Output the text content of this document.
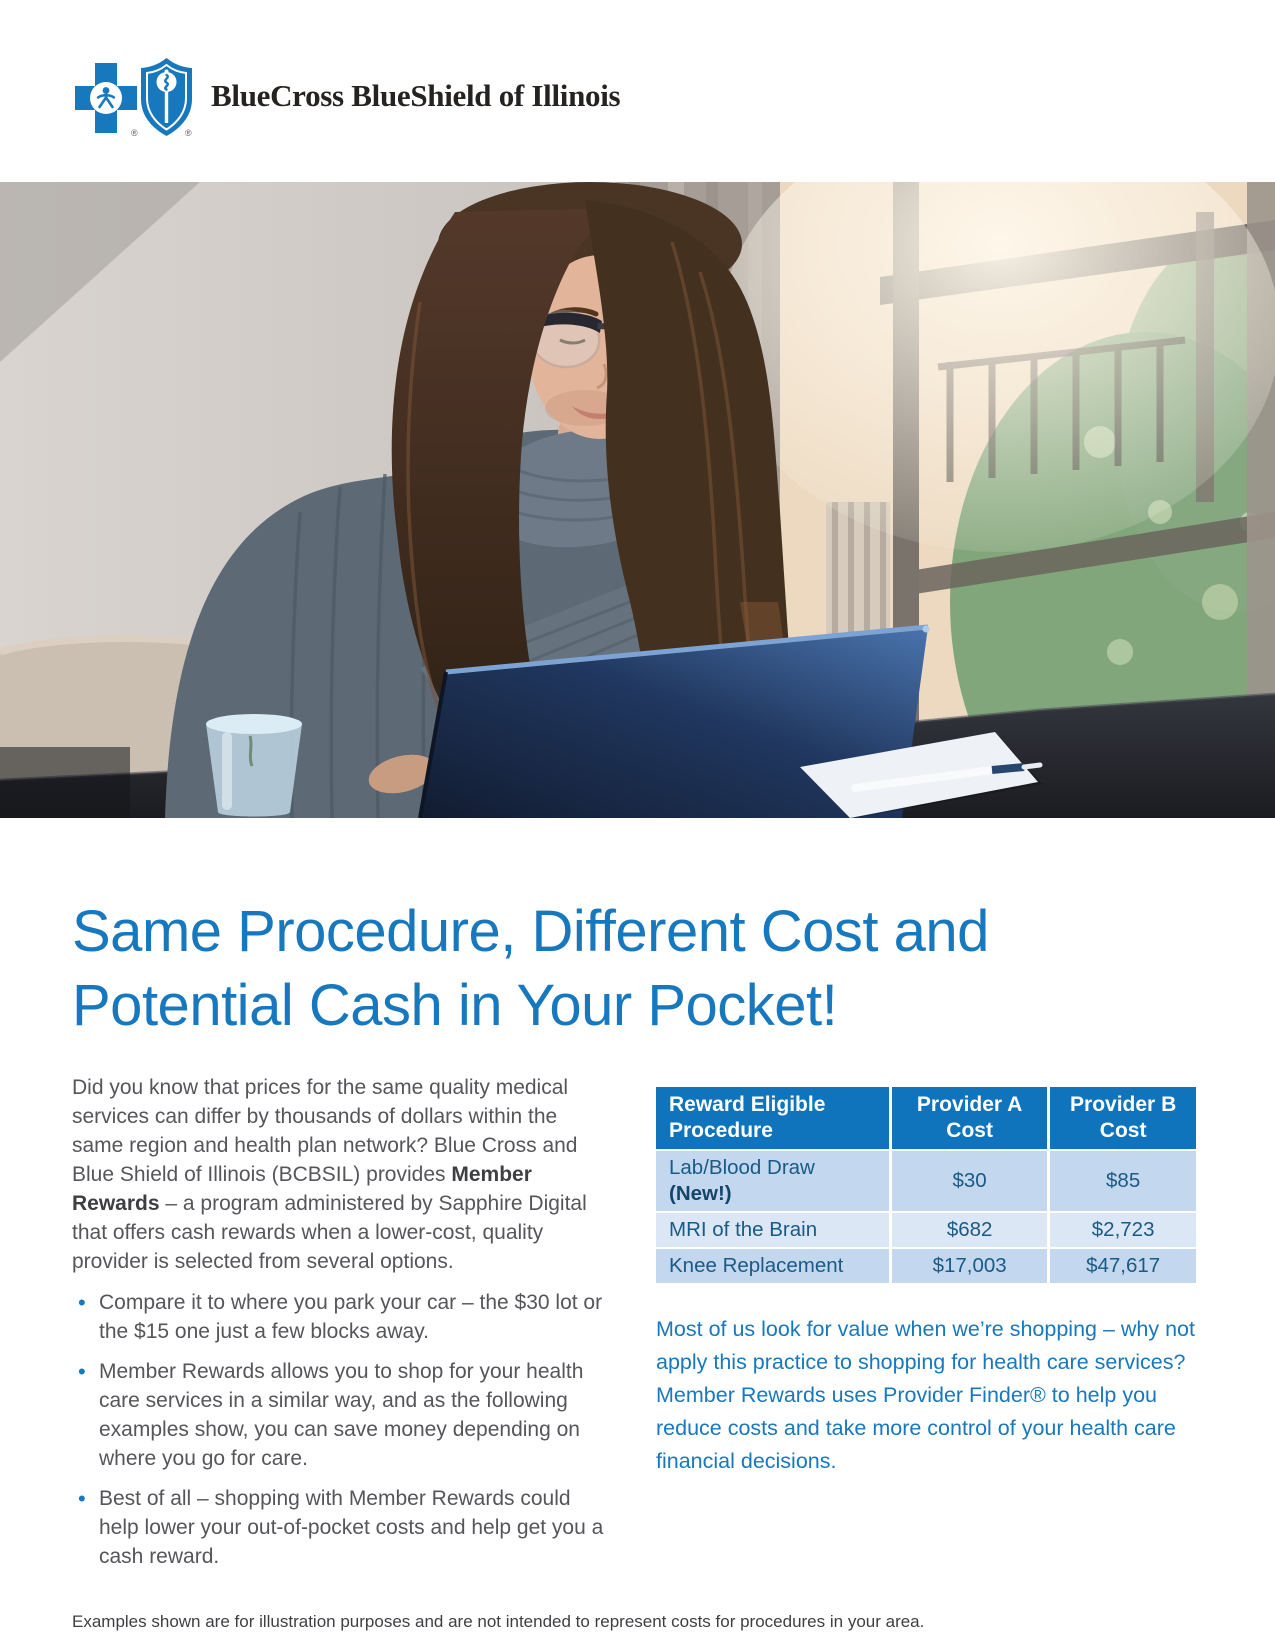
®	®
BlueCross BlueShield of Illinois
Same Procedure, Different Cost and
Potential Cash in Your Pocket!

Did you know that prices for the same quality medical services can differ by thousands of dollars within the same region and health plan network? Blue Cross and Blue Shield of Illinois (BCBSIL) provides Member Rewards – a program administered by Sapphire Digital that offers cash rewards when a lower-cost, quality provider is selected from several options.

• Compare it to where you park your car – the $30 lot or the $15 one just a few blocks away.
• Member Rewards allows you to shop for your health care services in a similar way, and as the following examples show, you can save money depending on where you go for care.
• Best of all – shopping with Member Rewards could help lower your out-of-pocket costs and help get you a cash reward.
Reward Eligible Procedure	Provider A Cost	Provider B Cost
Lab/Blood Draw (New!)	$30	$85
MRI of the Brain	$682	$2,723
Knee Replacement	$17,003	$47,617

Most of us look for value when we’re shopping – why not apply this practice to shopping for health care services? Member Rewards uses Provider Finder® to help you reduce costs and take more control of your health care financial decisions.

Examples shown are for illustration purposes and are not intended to represent costs for procedures in your area.
